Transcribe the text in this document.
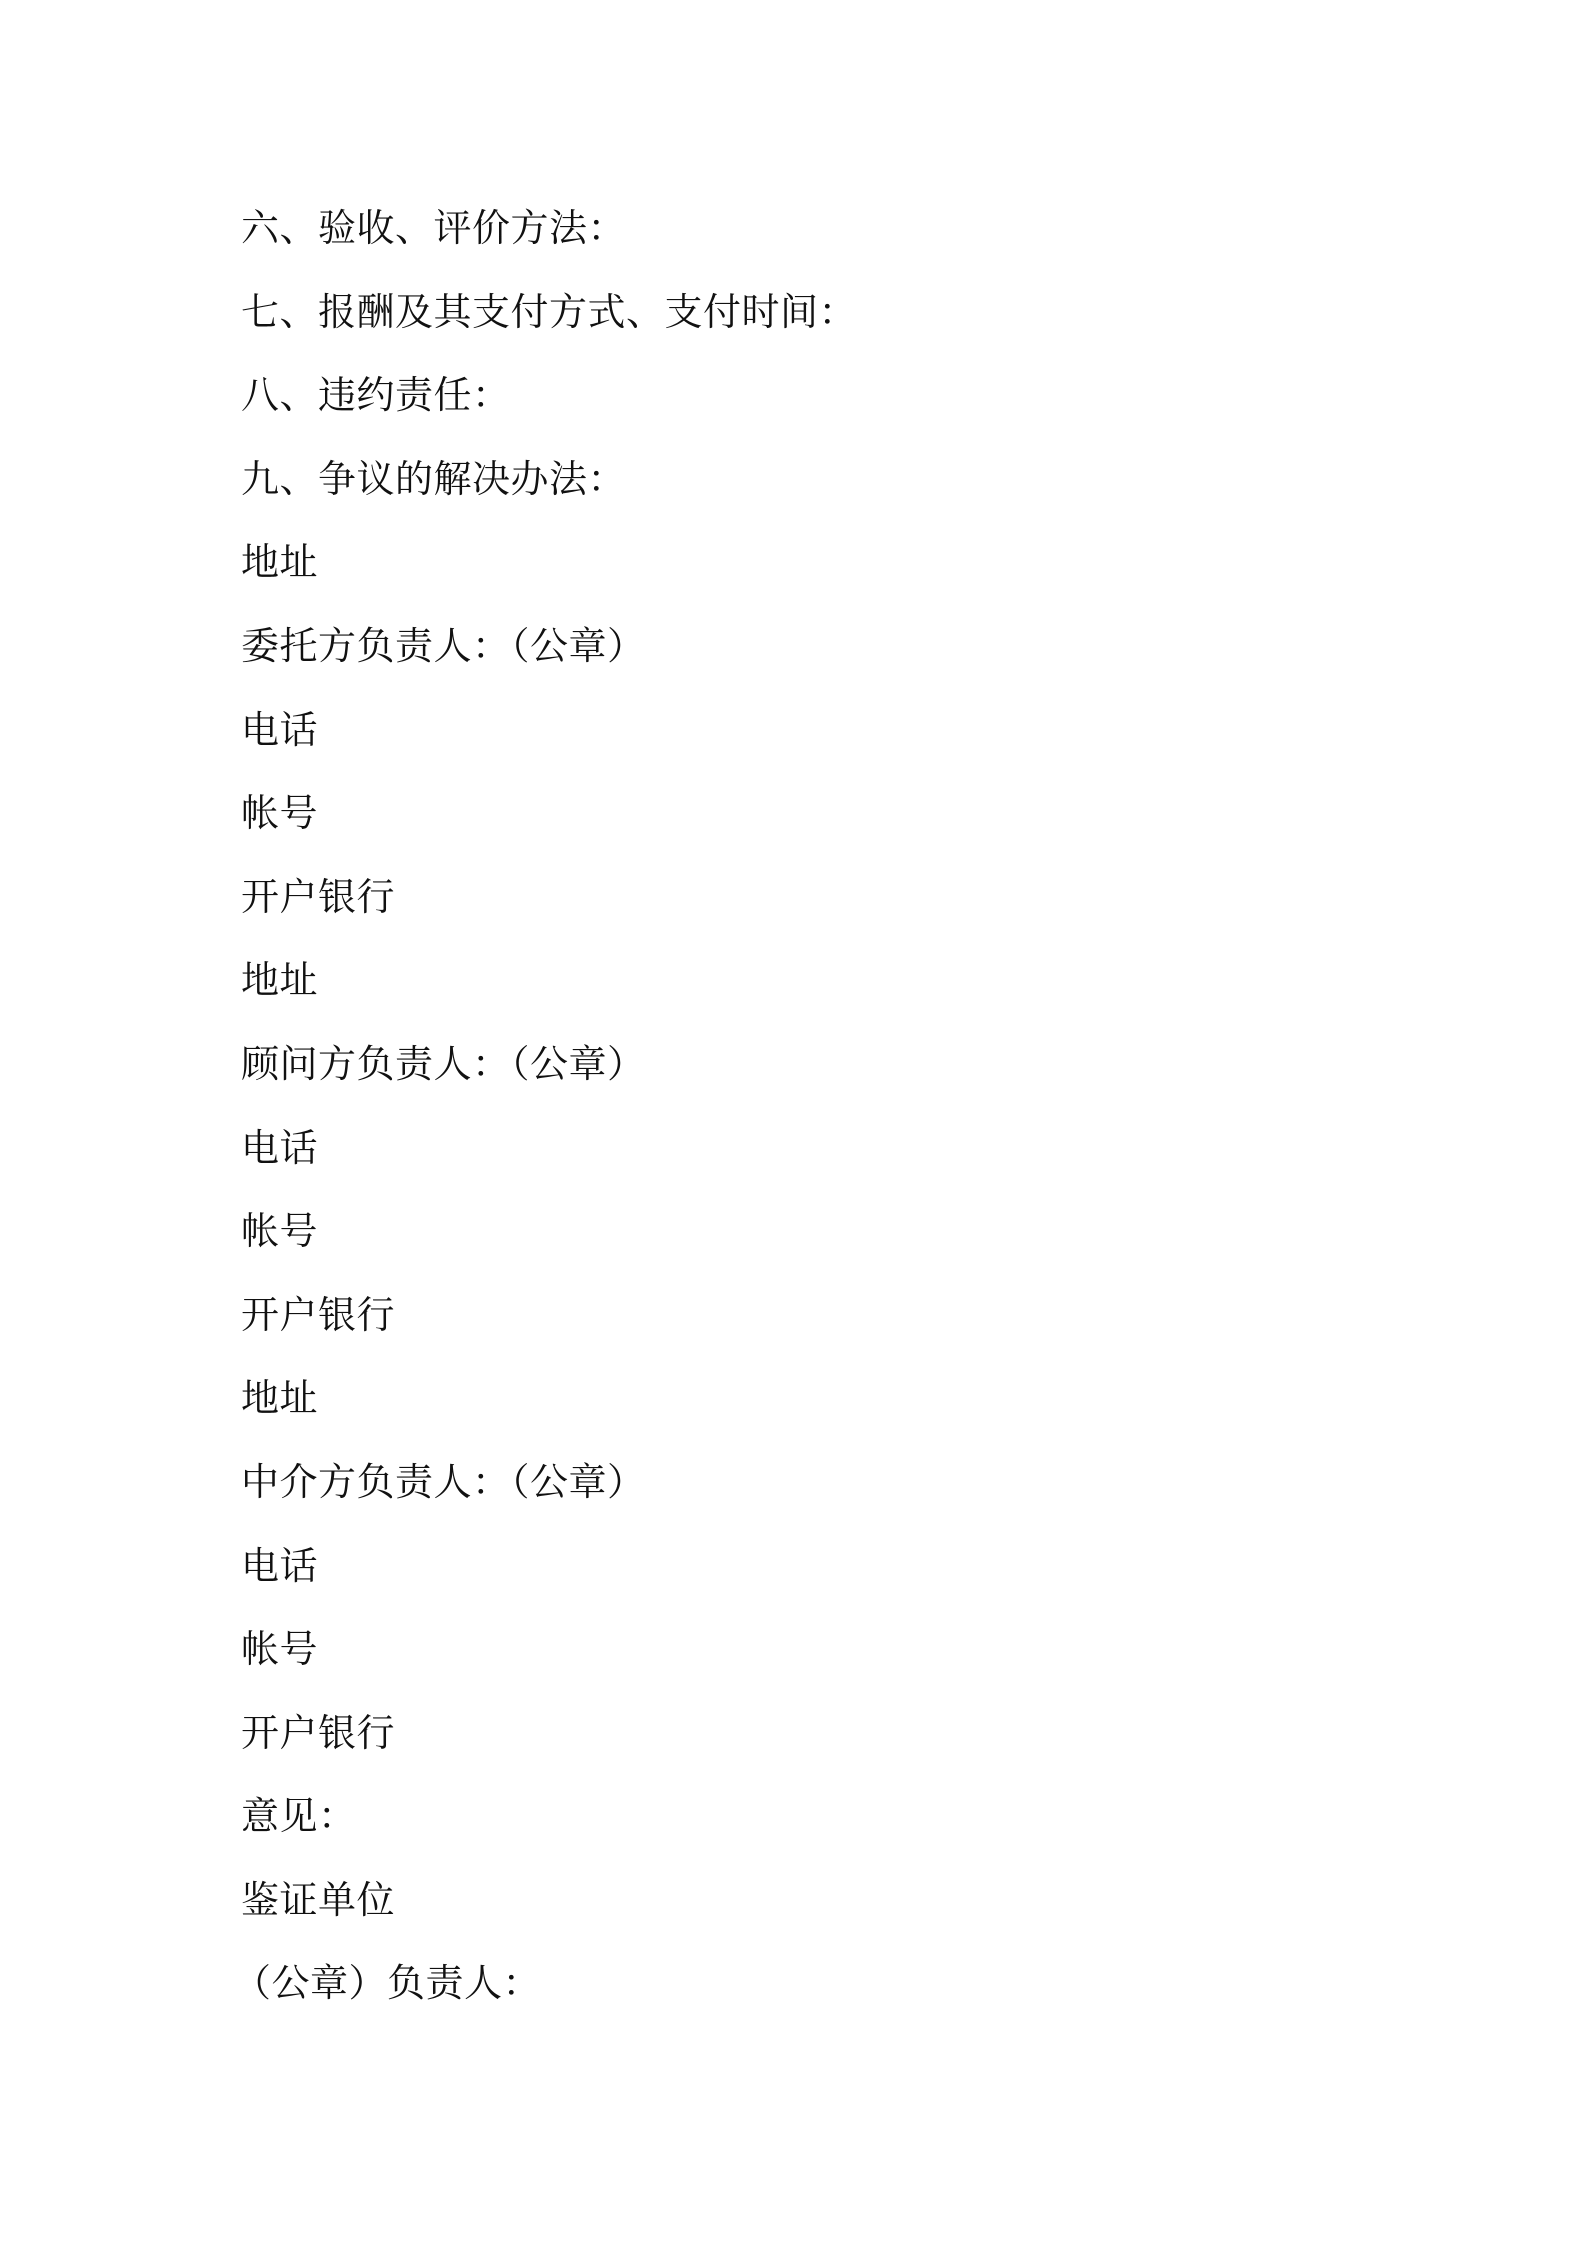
六、验收、评价方法：
七、报酬及其支付方式、支付时间：
八、违约责任：
九、争议的解决办法：
地址
委托方负责人：（公章）
电话
帐号
开户银行
地址
顾问方负责人：（公章）
电话
帐号
开户银行
地址
中介方负责人：（公章）
电话
帐号
开户银行
意见：
鉴证单位
（公章）负责人：
